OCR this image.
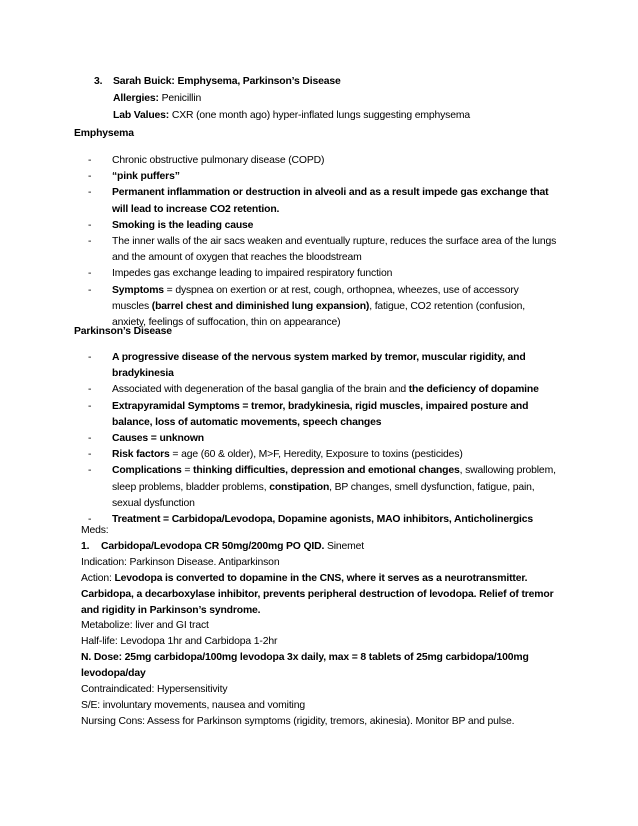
3. Sarah Buick: Emphysema, Parkinson’s Disease
Allergies: Penicillin
Lab Values: CXR (one month ago) hyper-inflated lungs suggesting emphysema
Emphysema
- Chronic obstructive pulmonary disease (COPD)
- “pink puffers”
- Permanent inflammation or destruction in alveoli and as a result impede gas exchange that will lead to increase CO2 retention.
- Smoking is the leading cause
- The inner walls of the air sacs weaken and eventually rupture, reduces the surface area of the lungs and the amount of oxygen that reaches the bloodstream
- Impedes gas exchange leading to impaired respiratory function
- Symptoms = dyspnea on exertion or at rest, cough, orthopnea, wheezes, use of accessory muscles (barrel chest and diminished lung expansion), fatigue, CO2 retention (confusion, anxiety, feelings of suffocation, thin on appearance)
Parkinson’s Disease
- A progressive disease of the nervous system marked by tremor, muscular rigidity, and bradykinesia
- Associated with degeneration of the basal ganglia of the brain and the deficiency of dopamine
- Extrapyramidal Symptoms = tremor, bradykinesia, rigid muscles, impaired posture and balance, loss of automatic movements, speech changes
- Causes = unknown
- Risk factors = age (60 & older), M>F, Heredity, Exposure to toxins (pesticides)
- Complications = thinking difficulties, depression and emotional changes, swallowing problem, sleep problems, bladder problems, constipation, BP changes, smell dysfunction, fatigue, pain, sexual dysfunction
- Treatment = Carbidopa/Levodopa, Dopamine agonists, MAO inhibitors, Anticholinergics
Meds:
1. Carbidopa/Levodopa CR 50mg/200mg PO QID. Sinemet
Indication: Parkinson Disease. Antiparkinson
Action: Levodopa is converted to dopamine in the CNS, where it serves as a neurotransmitter. Carbidopa, a decarboxylase inhibitor, prevents peripheral destruction of levodopa. Relief of tremor and rigidity in Parkinson’s syndrome.
Metabolize: liver and GI tract
Half-life: Levodopa 1hr and Carbidopa 1-2hr
N. Dose: 25mg carbidopa/100mg levodopa 3x daily, max = 8 tablets of 25mg carbidopa/100mg levodopa/day
Contraindicated: Hypersensitivity
S/E: involuntary movements, nausea and vomiting
Nursing Cons: Assess for Parkinson symptoms (rigidity, tremors, akinesia). Monitor BP and pulse.
